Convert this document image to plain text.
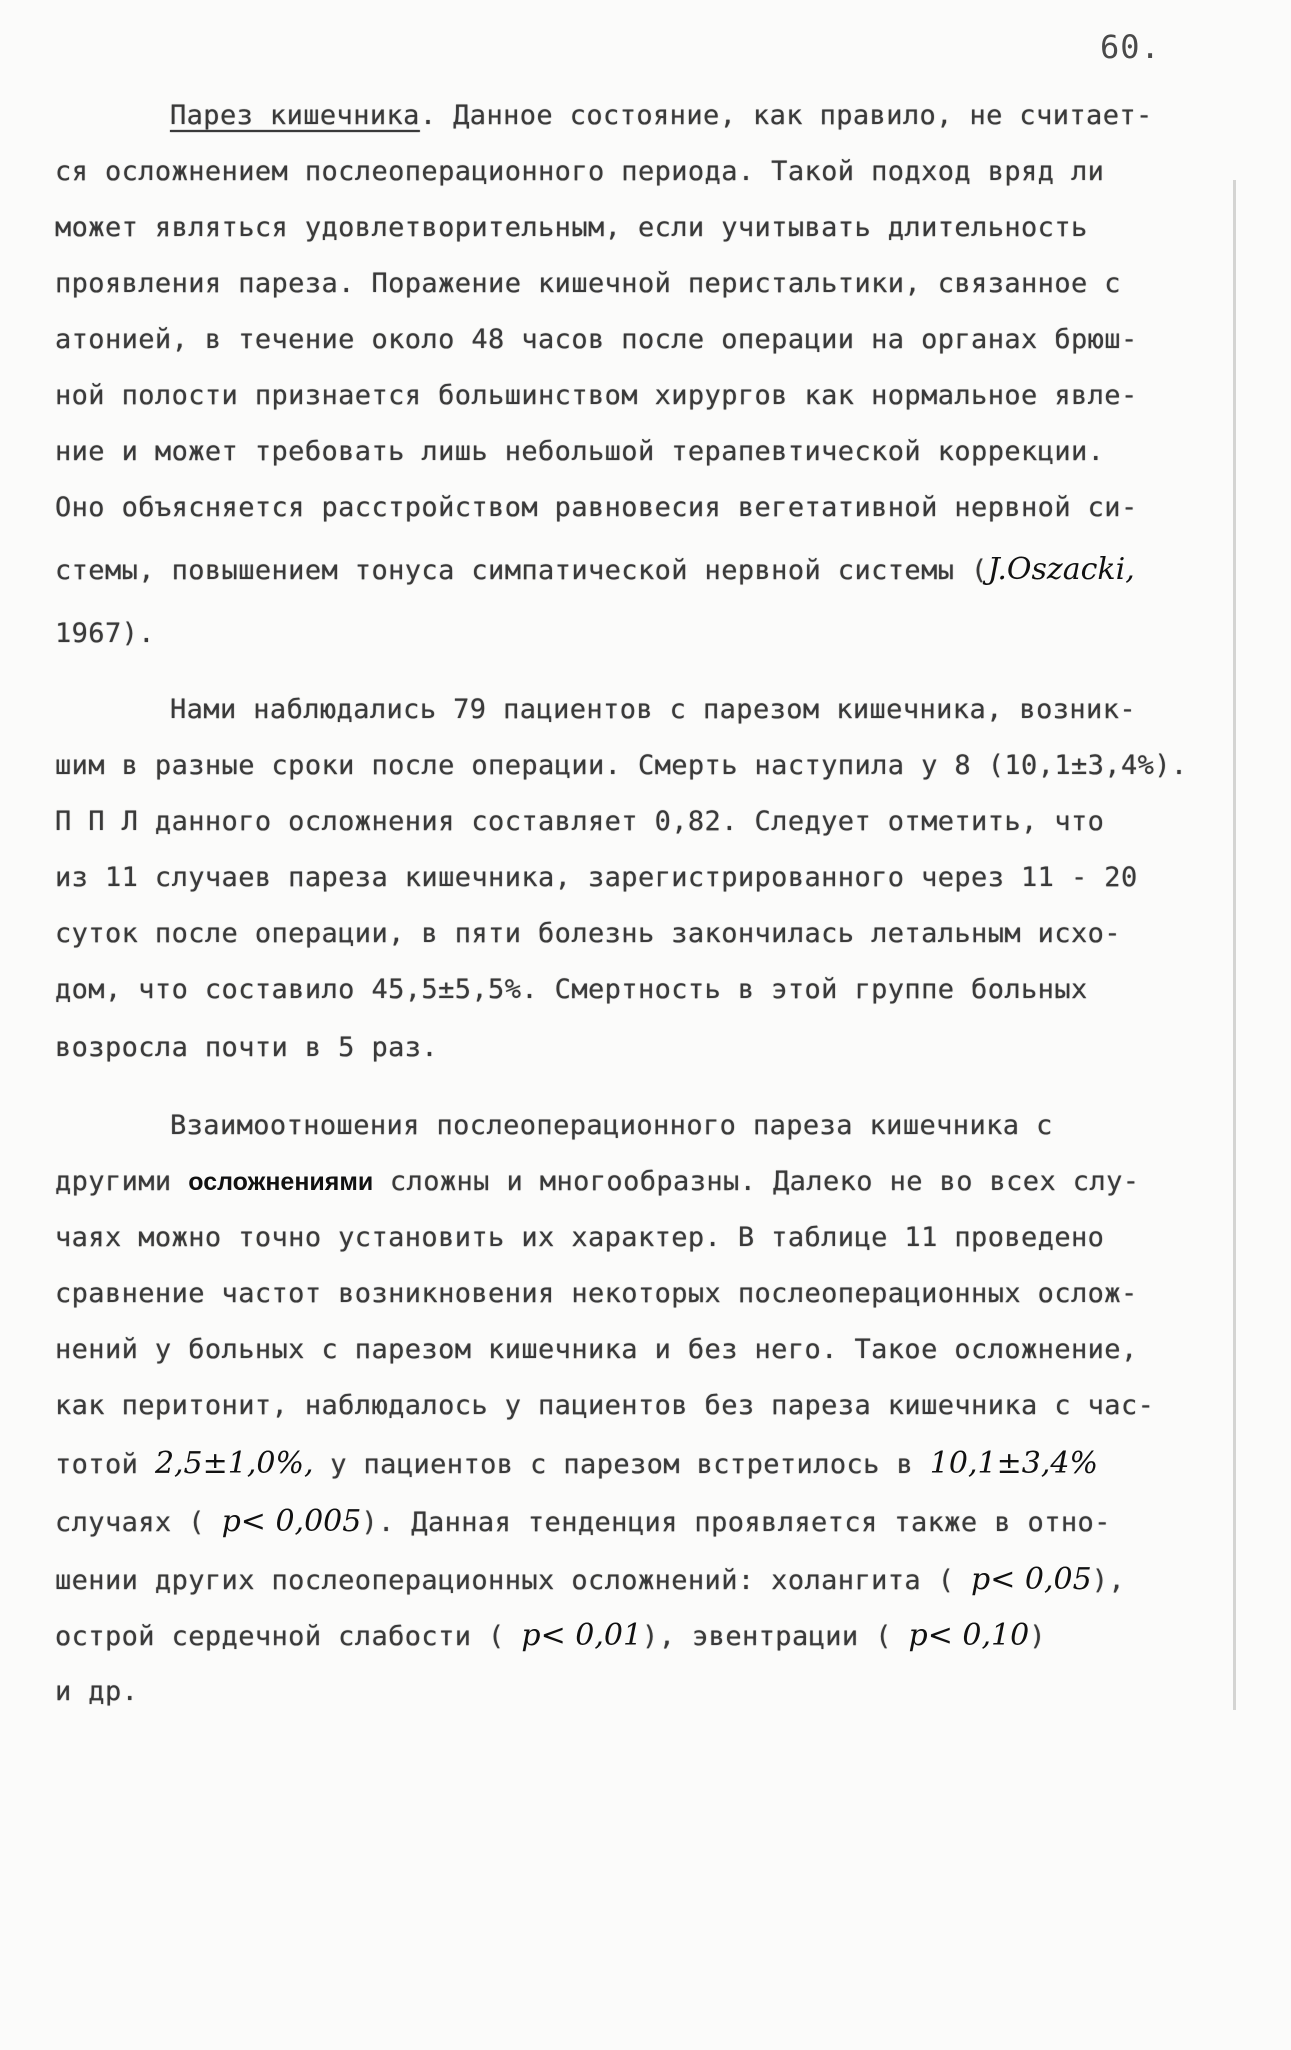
60.
Парез кишечника. Данное состояние, как правило, не считает-
ся осложнением послеоперационного периода. Такой подход вряд ли
может являться удовлетворительным, если учитывать длительность
проявления пареза. Поражение кишечной перистальтики, связанное с
атонией, в течение около 48 часов после операции на органах брюш-
ной полости признается большинством хирургов как нормальное явле-
ние и может требовать лишь небольшой терапевтической коррекции.
Оно объясняется расстройством равновесия вегетативной нервной си-
стемы, повышением тонуса симпатической нервной системы (J.Oszacki,
1967).
Нами наблюдались 79 пациентов с парезом кишечника, возник-
шим в разные сроки после операции. Смерть наступила у 8 (10,1±3,4%).
П П Л данного осложнения составляет 0,82. Следует отметить, что
из 11 случаев пареза кишечника, зарегистрированного через 11 - 20
суток после операции, в пяти болезнь закончилась летальным исхо-
дом, что составило 45,5±5,5%. Смертность в этой группе больных
возросла почти в 5 раз.
Взаимоотношения послеоперационного пареза кишечника с
другими осложнениями сложны и многообразны. Далеко не во всех слу-
чаях можно точно установить их характер. В таблице 11 проведено
сравнение частот возникновения некоторых послеоперационных ослож-
нений у больных с парезом кишечника и без него. Такое осложнение,
как перитонит, наблюдалось у пациентов без пареза кишечника с час-
тотой 2,5±1,0%, у пациентов с парезом встретилось в 10,1±3,4%
случаях ( p< 0,005). Данная тенденция проявляется также в отно-
шении других послеоперационных осложнений: холангита ( p< 0,05),
острой сердечной слабости ( p< 0,01), эвентрации ( p< 0,10)
и др.
